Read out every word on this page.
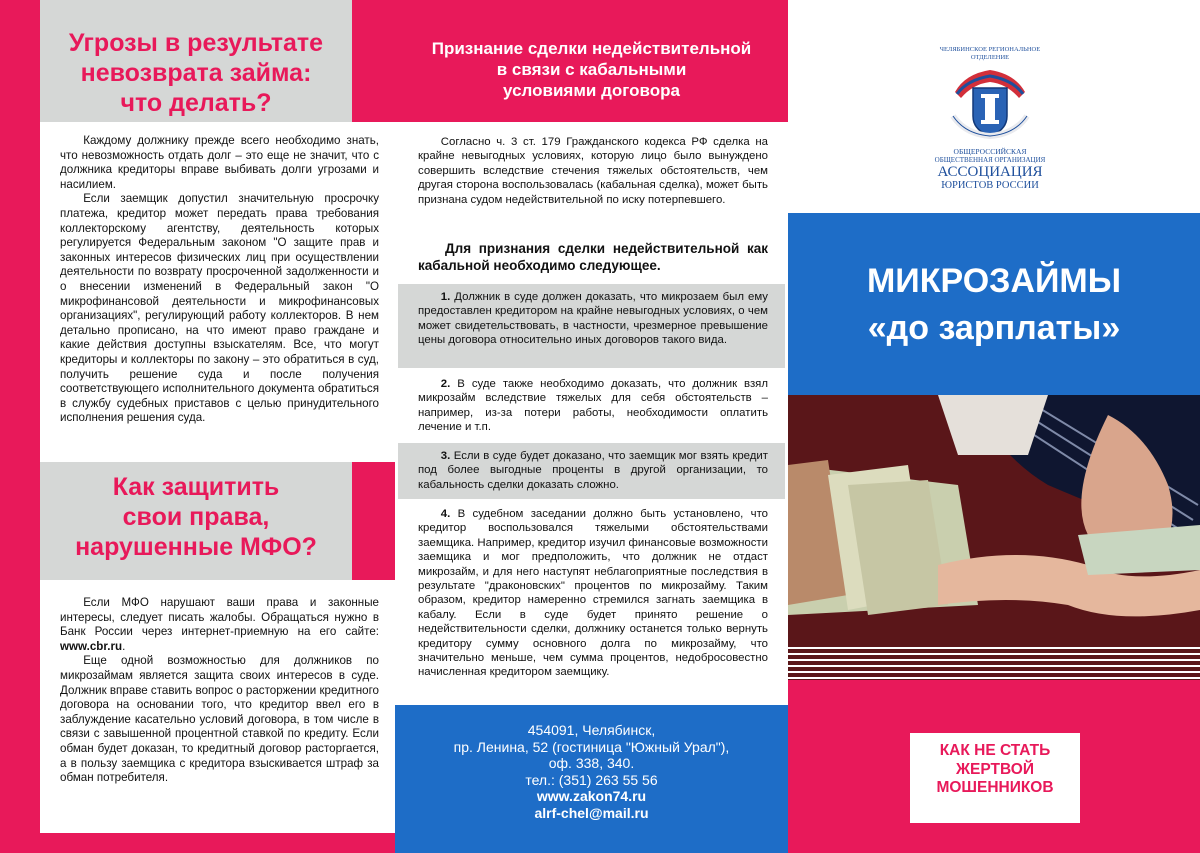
Угрозы в результате
невозврата займа:
что делать?

Каждому должнику прежде всего необходимо знать, что невозможность отдать долг – это еще не значит, что с должника кредиторы вправе выбивать долги угрозами и насилием.

Если заемщик допустил значительную просрочку платежа, кредитор может передать права требования коллекторскому агентству, деятельность которых регулируется Федеральным законом "О защите прав и законных интересов физических лиц при осуществлении деятельности по возврату просроченной задолженности и о внесении изменений в Федеральный закон "О микрофинансовой деятельности и микрофинансовых организациях", регулирующий работу коллекторов. В нем детально прописано, на что имеют право граждане и какие действия доступны взыскателям. Все, что могут кредиторы и коллекторы по закону – это обратиться в суд, получить решение суда и после получения соответствующего исполнительного документа обратиться в службу судебных приставов с целью принудительного исполнения решения суда.

Как защитить
свои права,
нарушенные МФО?

Если МФО нарушают ваши права и законные интересы, следует писать жалобы. Обращаться нужно в Банк России через интернет-приемную на его сайте: www.cbr.ru.

Еще одной возможностью для должников по микрозаймам является защита своих интересов в суде. Должник вправе ставить вопрос о расторжении кредитного договора на основании того, что кредитор ввел его в заблуждение касательно условий договора, в том числе в связи с завышенной процентной ставкой по кредиту. Если обман будет доказан, то кредитный договор расторгается, а в пользу заемщика с кредитора взыскивается штраф за обман потребителя.

Признание сделки недействительной
в связи с кабальными
условиями договора

Согласно ч. 3 ст. 179 Гражданского кодекса РФ сделка на крайне невыгодных условиях, которую лицо было вынуждено совершить вследствие стечения тяжелых обстоятельств, чем другая сторона воспользовалась (кабальная сделка), может быть признана судом недействительной по иску потерпевшего.

Для признания сделки недействительной как кабальной необходимо следующее.

1. Должник в суде должен доказать, что микрозаем был ему предоставлен кредитором на крайне невыгодных условиях, о чем может свидетельствовать, в частности, чрезмерное превышение цены договора относительно иных договоров такого вида.

2. В суде также необходимо доказать, что должник взял микрозайм вследствие тяжелых для себя обстоятельств – например, из-за потери работы, необходимости оплатить лечение и т.п.

3. Если в суде будет доказано, что заемщик мог взять кредит под более выгодные проценты в другой организации, то кабальность сделки доказать сложно.

4. В судебном заседании должно быть установлено, что кредитор воспользовался тяжелыми обстоятельствами заемщика. Например, кредитор изучил финансовые возможности заемщика и мог предположить, что должник не отдаст микрозайм, и для него наступят неблагоприятные последствия в результате "драконовских" процентов по микрозайму. Таким образом, кредитор намеренно стремился загнать заемщика в кабалу. Если в суде будет принято решение о недействительности сделки, должнику останется только вернуть кредитору сумму основного долга по микрозайму, что значительно меньше, чем сумма процентов, недобросовестно начисленная кредитором заемщику.

454091, Челябинск,
пр. Ленина, 52 (гостиница "Южный Урал"),
оф. 338, 340.
тел.: (351) 263 55 56
www.zakon74.ru
alrf-chel@mail.ru
ЧЕЛЯБИНСКОЕ РЕГИОНАЛЬНОЕ
ОТДЕЛЕНИЕ
ОБЩЕРОССИЙСКАЯ
ОБЩЕСТВЕННАЯ ОРГАНИЗАЦИЯ
АССОЦИАЦИЯ
ЮРИСТОВ РОССИИ
МИКРОЗАЙМЫ
«до зарплаты»
КАК НЕ СТАТЬ
ЖЕРТВОЙ
МОШЕННИКОВ
